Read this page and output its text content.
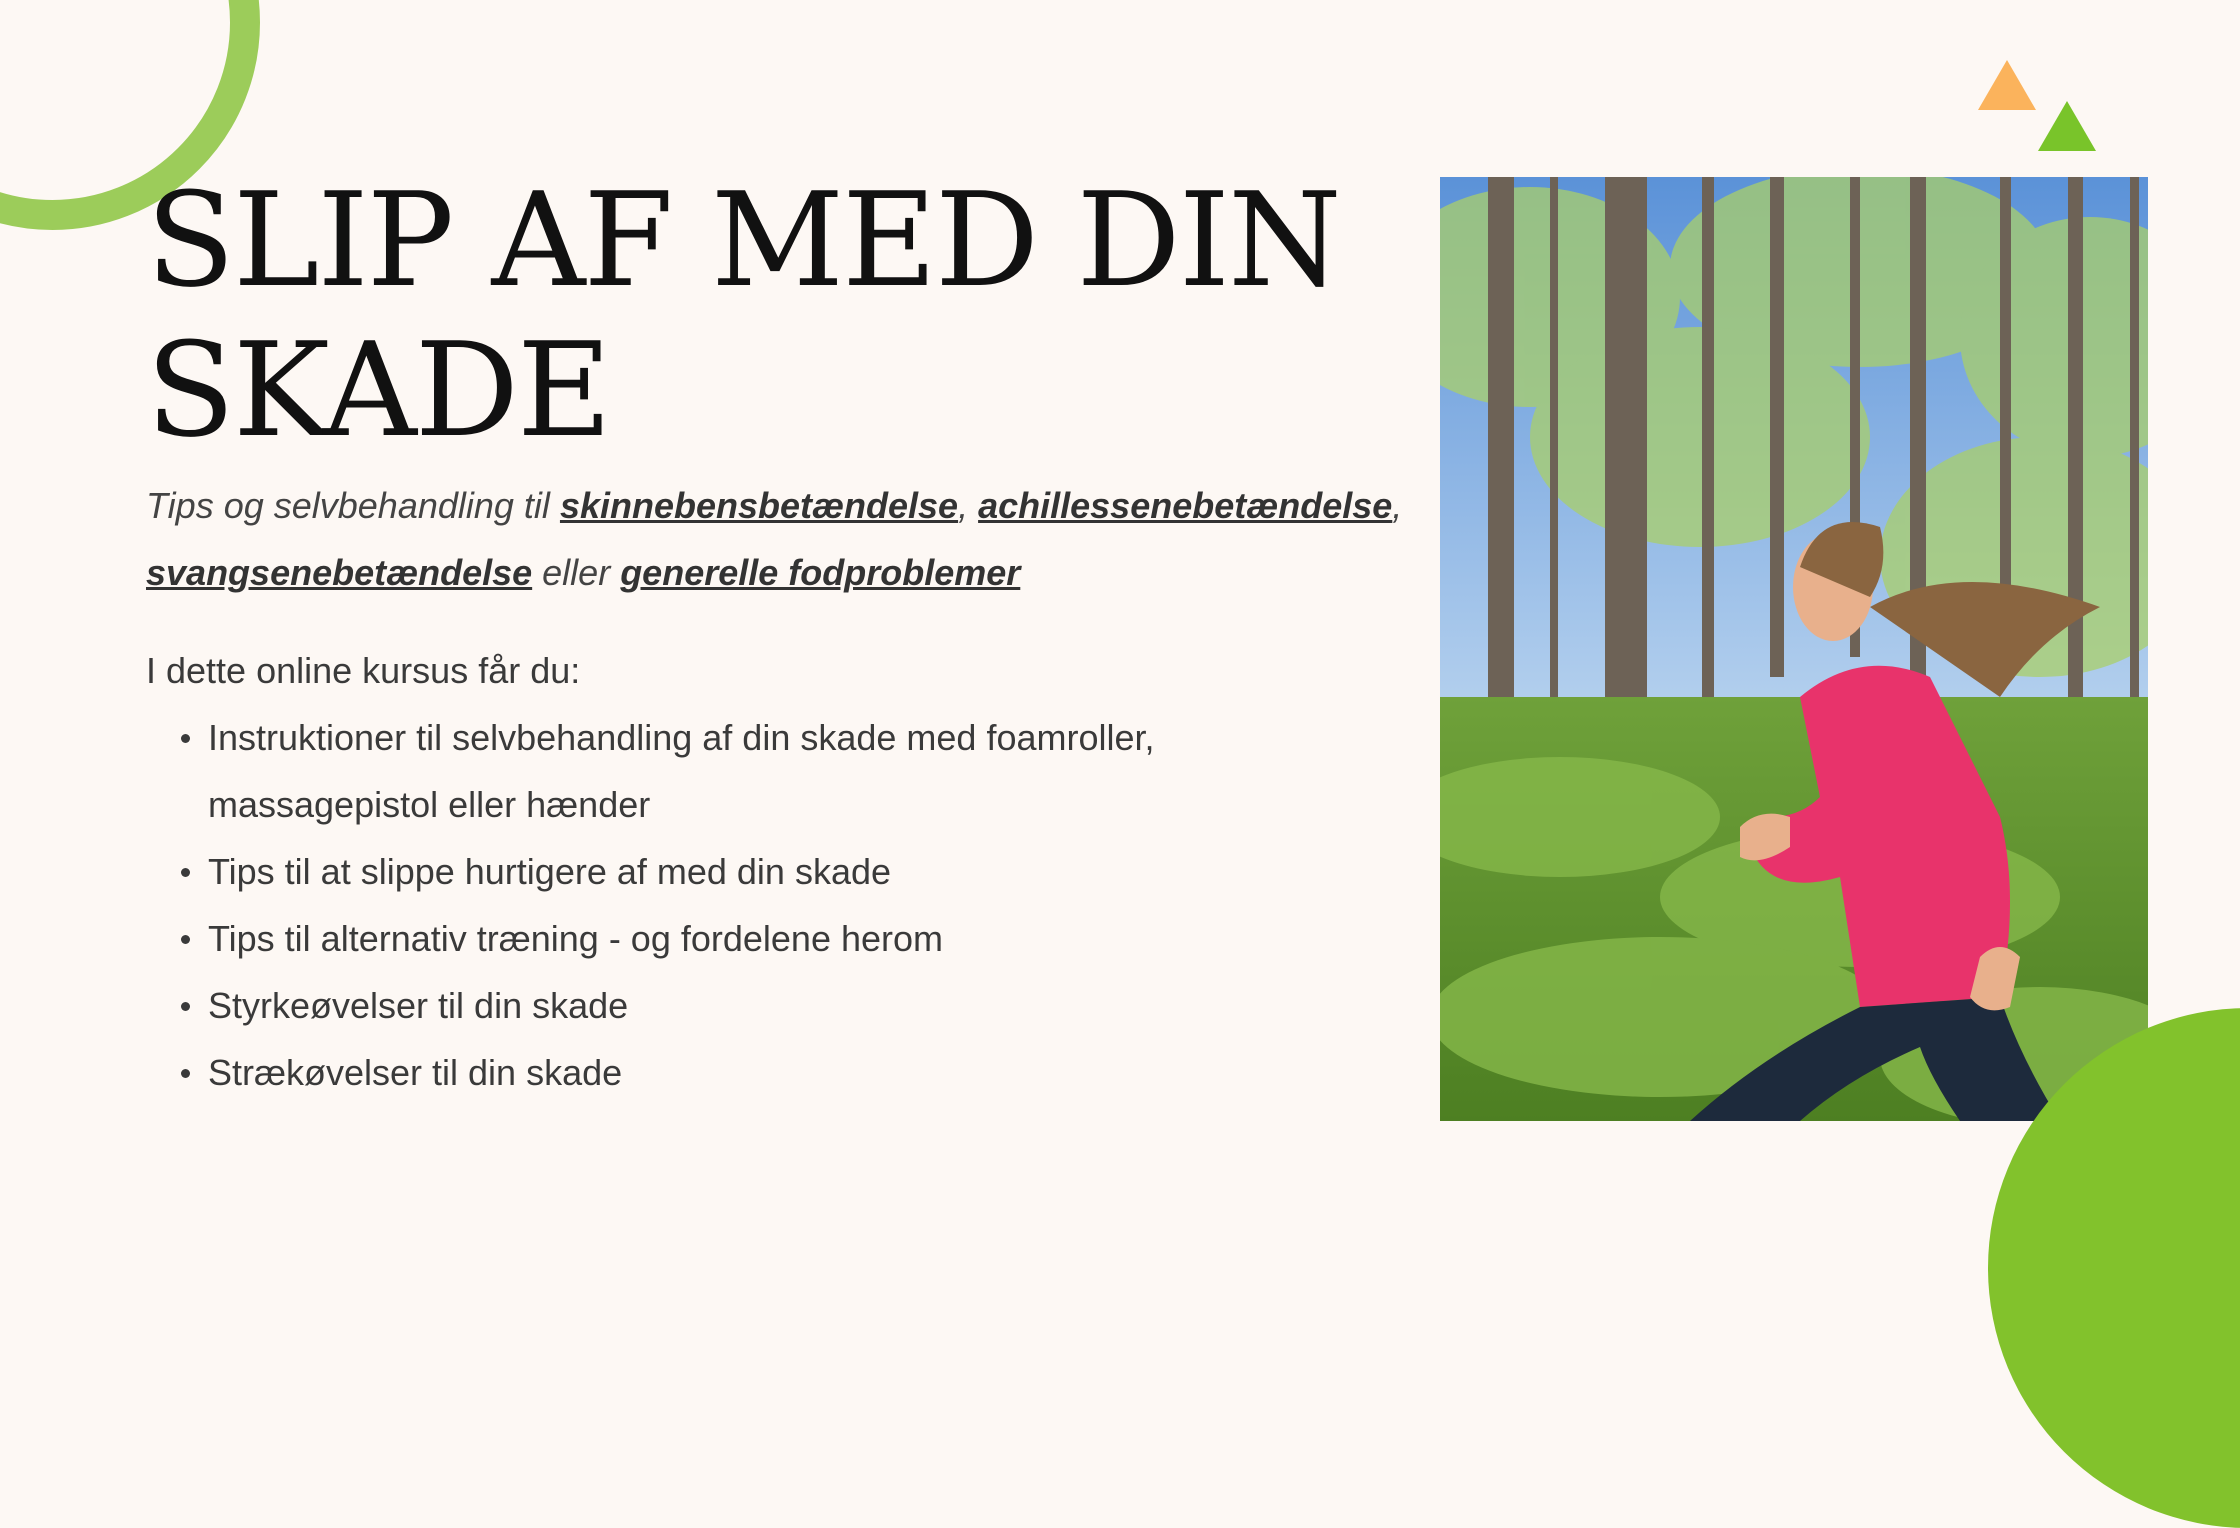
SLIP AF MED DIN
SKADE

Tips og selvbehandling til skinnebensbetændelse, achillessenebetændelse,
svangsenebetændelse eller generelle fodproblemer

I dette online kursus får du:

Instruktioner til selvbehandling af din skade med foamroller, massagepistol eller hænder
Tips til at slippe hurtigere af med din skade
Tips til alternativ træning - og fordelene herom
Styrkeøvelser til din skade
Strækøvelser til din skade
